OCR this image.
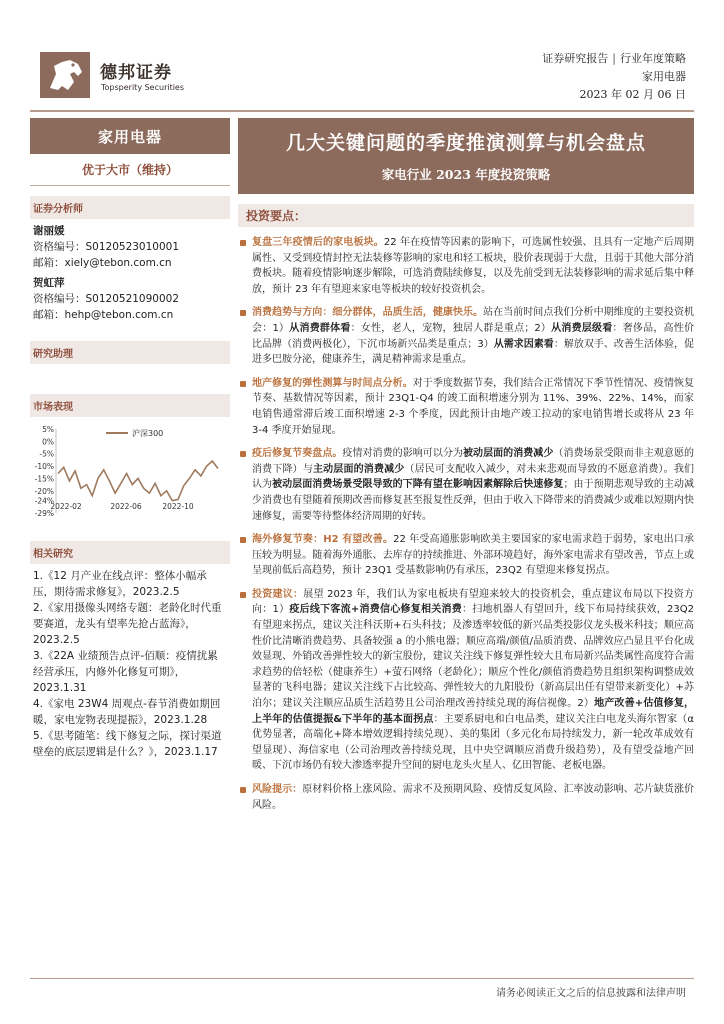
德邦证券
Topsperity Securities
证券研究报告 | 行业年度策略
家用电器
2023 年 02 月 06 日
家用电器
优于大市（维持）
证券分析师
谢丽媛
资格编号：S0120523010001
邮箱：xiely@tebon.com.cn
贺虹萍
资格编号：S0120521090002
邮箱：hehp@tebon.com.cn
研究助理
市场表现
5%
0%
-5%
-10%
-15%
-20%
-24%
-29%
2022-02	2022-06	2022-10
沪深300
相关研究
1.《12 月产业在线点评：整体小幅承压，期待需求修复》，2023.2.5
2.《家用摄像头网络专题：老龄化时代重要赛道，龙头有望率先抢占蓝海》，2023.2.5
3.《22A 业绩预告点评-佰顺：疫情扰累经营承压，内修外化修复可期》，2023.1.31
4.《家电 23W4 周观点-春节消费如期回暖，家电宠物表现提振》，2023.1.28
5.《思考随笔：线下修复之际，探讨渠道壁垒的底层逻辑是什么？》，2023.1.17
几大关键问题的季度推演测算与机会盘点
家电行业 2023 年度投资策略
投资要点：
复盘三年疫情后的家电板块。22 年在疫情等因素的影响下，可选属性较强、且具有一定地产后周期属性、又受到疫情封控无法装修等影响的家电和轻工板块，股价表现弱于大盘，且弱于其他大部分消费板块。随着疫情影响逐步解除，可选消费陆续修复，以及先前受到无法装修影响的需求延后集中释放，预计 23 年有望迎来家电等板块的较好投资机会。
消费趋势与方向：细分群体，品质生活，健康快乐。站在当前时间点我们分析中期维度的主要投资机会：1）从消费群体看：女性，老人，宠物，独居人群是重点；2）从消费层级看：奢侈品，高性价比品牌（消费两极化），下沉市场新兴品类是重点；3）从需求因素看：解放双手、改善生活体验，促进多巴胺分泌，健康养生，满足精神需求是重点。
地产修复的弹性测算与时间点分析。对于季度数据节奏，我们结合正常情况下季节性情况、疫情恢复节奏、基数情况等因素，预计 23Q1-Q4 的竣工面积增速分别为 11%、39%、22%、14%，而家电销售通常滞后竣工面积增速 2-3 个季度，因此预计由地产竣工拉动的家电销售增长或将从 23 年 3-4 季度开始显现。
疫后修复节奏盘点。疫情对消费的影响可以分为被动层面的消费减少（消费场景受限而非主观意愿的消费下降）与主动层面的消费减少（居民可支配收入减少，对未来悲观而导致的不愿意消费）。我们认为被动层面消费场景受限导致的下降有望在影响因素解除后快速修复；由于预期悲观导致的主动减少消费也有望随着预期改善而修复甚至报复性反弹，但由于收入下降带来的消费减少或难以短期内快速修复，需要等待整体经济周期的好转。
海外修复节奏：H2 有望改善。22 年受高通胀影响欧美主要国家的家电需求趋于弱势，家电出口承压较为明显。随着海外通胀、去库存的持续推进、外部环境趋好，海外家电需求有望改善，节点上或呈现前低后高趋势，预计 23Q1 受基数影响仍有承压，23Q2 有望迎来修复拐点。
投资建议：展望 2023 年，我们认为家电板块有望迎来较大的投资机会，重点建议布局以下投资方向：1）疫后线下客流+消费信心修复相关消费：扫地机器人有望回升，线下布局持续获效，23Q2 有望迎来拐点，建议关注科沃斯+石头科技；及渗透率较低的新兴品类投影仪龙头极米科技；顺应高性价比清晰消费趋势、具备较强 a 的小熊电器；顺应高端/颜值/品质消费、品牌效应凸显且平台化成效显现、外销改善弹性较大的新宝股份，建议关注线下修复弹性较大且布局新兴品类属性高度符合需求趋势的倍轻松（健康养生）+萤石网络（老龄化）；顺应个性化/颜值消费趋势且组织架构调整成效显著的飞科电器；建议关注线下占比较高、弹性较大的九阳股份（新高层出任有望带来新变化）+苏泊尔；建议关注顺应品质生活趋势且公司治理改善持续兑现的海信视像。2）地产改善+估值修复，上半年的估值提振&下半年的基本面拐点：主要系厨电和白电品类，建议关注白电龙头海尔智家（α优势显著，高端化+降本增效逻辑持续兑现）、美的集团（多元化布局持续发力，新一轮改革成效有望显现）、海信家电（公司治理改善持续兑现，且中央空调顺应消费升级趋势），及有望受益地产回暖、下沉市场仍有较大渗透率提升空间的厨电龙头火星人、亿田智能、老板电器。
风险提示：原材料价格上涨风险、需求不及预期风险、疫情反复风险、汇率波动影响、芯片缺货涨价风险。
请务必阅读正文之后的信息披露和法律声明
